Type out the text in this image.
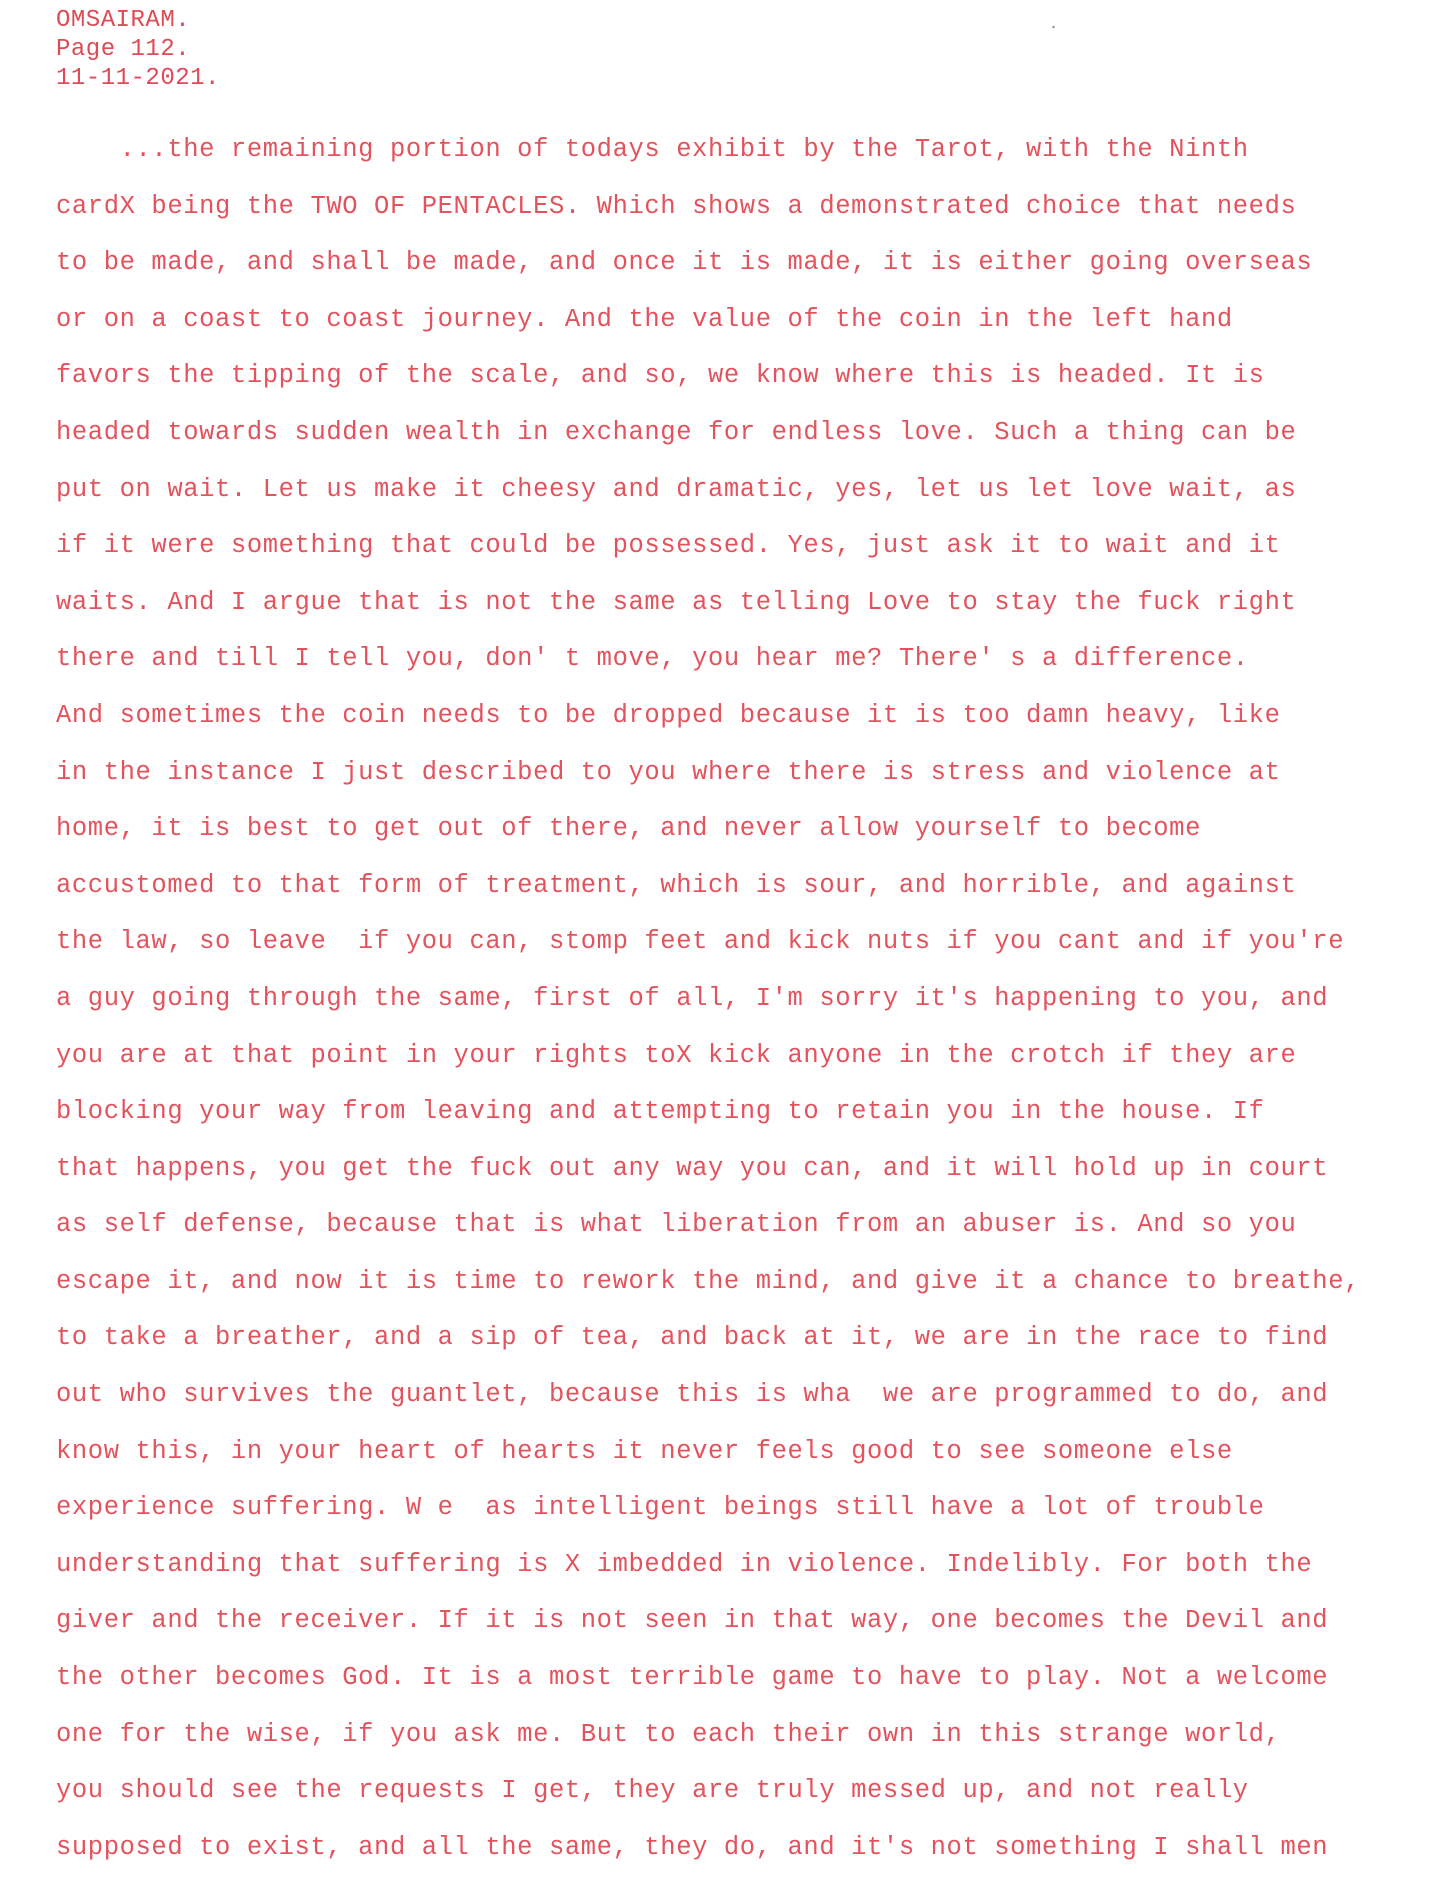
OMSAIRAM.
Page 112.
11-11-2021.
...the remaining portion of todays exhibit by the Tarot, with the Ninth
cardX being the TWO OF PENTACLES. Which shows a demonstrated choice that needs
to be made, and shall be made, and once it is made, it is either going overseas
or on a coast to coast journey. And the value of the coin in the left hand
favors the tipping of the scale, and so, we know where this is headed. It is
headed towards sudden wealth in exchange for endless love. Such a thing can be
put on wait. Let us make it cheesy and dramatic, yes, let us let love wait, as
if it were something that could be possessed. Yes, just ask it to wait and it
waits. And I argue that is not the same as telling Love to stay the fuck right
there and till I tell you, don' t move, you hear me? There' s a difference.
And sometimes the coin needs to be dropped because it is too damn heavy, like
in the instance I just described to you where there is stress and violence at
home, it is best to get out of there, and never allow yourself to become
accustomed to that form of treatment, which is sour, and horrible, and against
the law, so leave  if you can, stomp feet and kick nuts if you cant and if you're
a guy going through the same, first of all, I'm sorry it's happening to you, and
you are at that point in your rights toX kick anyone in the crotch if they are
blocking your way from leaving and attempting to retain you in the house. If
that happens, you get the fuck out any way you can, and it will hold up in court
as self defense, because that is what liberation from an abuser is. And so you
escape it, and now it is time to rework the mind, and give it a chance to breathe,
to take a breather, and a sip of tea, and back at it, we are in the race to find
out who survives the guantlet, because this is wha  we are programmed to do, and
know this, in your heart of hearts it never feels good to see someone else
experience suffering. W e  as intelligent beings still have a lot of trouble
understanding that suffering is X imbedded in violence. Indelibly. For both the
giver and the receiver. If it is not seen in that way, one becomes the Devil and
the other becomes God. It is a most terrible game to have to play. Not a welcome
one for the wise, if you ask me. But to each their own in this strange world,
you should see the requests I get, they are truly messed up, and not really
supposed to exist, and all the same, they do, and it's not something I shall men
